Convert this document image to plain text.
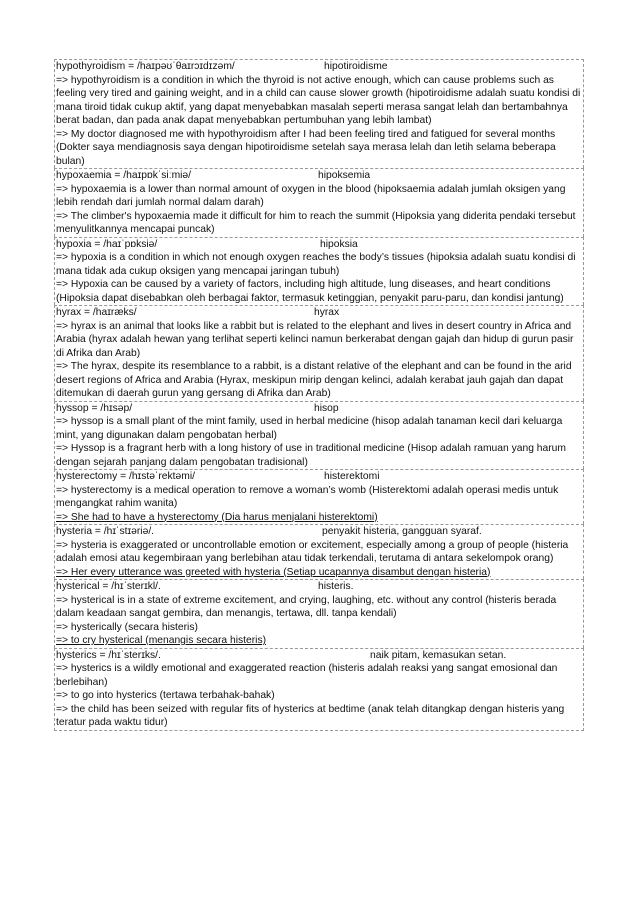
hypothyroidism = /haɪpəʊˈθaɪrɔɪdɪzəm/	hipotiroidisme
=> hypothyroidism is a condition in which the thyroid is not active enough, which can cause problems such as feeling very tired and gaining weight, and in a child can cause slower growth (hipotiroidisme adalah suatu kondisi di mana tiroid tidak cukup aktif, yang dapat menyebabkan masalah seperti merasa sangat lelah dan bertambahnya berat badan, dan pada anak dapat menyebabkan pertumbuhan yang lebih lambat)
=> My doctor diagnosed me with hypothyroidism after I had been feeling tired and fatigued for several months (Dokter saya mendiagnosis saya dengan hipotiroidisme setelah saya merasa lelah dan letih selama beberapa bulan)
hypoxaemia = /haɪpɒkˈsiːmiə/	hipoksemia
=> hypoxaemia is a lower than normal amount of oxygen in the blood (hipoksaemia adalah jumlah oksigen yang lebih rendah dari jumlah normal dalam darah)
=> The climber's hypoxaemia made it difficult for him to reach the summit (Hipoksia yang diderita pendaki tersebut menyulitkannya mencapai puncak)
hypoxia = /haɪˈpɒksiə/	hipoksia
=> hypoxia is a condition in which not enough oxygen reaches the body’s tissues (hipoksia adalah suatu kondisi di mana tidak ada cukup oksigen yang mencapai jaringan tubuh)
=> Hypoxia can be caused by a variety of factors, including high altitude, lung diseases, and heart conditions (Hipoksia dapat disebabkan oleh berbagai faktor, termasuk ketinggian, penyakit paru-paru, dan kondisi jantung)
hyrax = /haɪræks/	hyrax
=> hyrax is an animal that looks like a rabbit but is related to the elephant and lives in desert country in Africa and Arabia (hyrax adalah hewan yang terlihat seperti kelinci namun berkerabat dengan gajah dan hidup di gurun pasir di Afrika dan Arab)
=> The hyrax, despite its resemblance to a rabbit, is a distant relative of the elephant and can be found in the arid desert regions of Africa and Arabia (Hyrax, meskipun mirip dengan kelinci, adalah kerabat jauh gajah dan dapat ditemukan di daerah gurun yang gersang di Afrika dan Arab)
hyssop = /hɪsəp/	hisop
=> hyssop is a small plant of the mint family, used in herbal medicine (hisop adalah tanaman kecil dari keluarga mint, yang digunakan dalam pengobatan herbal)
=> Hyssop is a fragrant herb with a long history of use in traditional medicine (Hisop adalah ramuan yang harum dengan sejarah panjang dalam pengobatan tradisional)
hysterectomy = /hɪstəˈrektəmi/	histerektomi
=> hysterectomy is a medical operation to remove a woman’s womb (Histerektomi adalah operasi medis untuk mengangkat rahim wanita)
=> She had to have a hysterectomy (Dia harus menjalani histerektomi)
hysteria = /hɪˈstɪəriə/.	penyakit histeria, gangguan syaraf.
=> hysteria is exaggerated or uncontrollable emotion or excitement, especially among a group of people (histeria adalah emosi atau kegembiraan yang berlebihan atau tidak terkendali, terutama di antara sekelompok orang)
=> Her every utterance was greeted with hysteria (Setiap ucapannya disambut dengan histeria)
hysterical = /hɪˈsterɪkl/.	histeris.
=> hysterical is in a state of extreme excitement, and crying, laughing, etc. without any control (histeris berada dalam keadaan sangat gembira, dan menangis, tertawa, dll. tanpa kendali)
=> hysterically (secara histeris)
=> to cry hysterical (menangis secara histeris)
hysterics = /hɪˈsterɪks/.	naik pitam, kemasukan setan.
=> hysterics is a wildly emotional and exaggerated reaction (histeris adalah reaksi yang sangat emosional dan berlebihan)
=> to go into hysterics (tertawa terbahak-bahak)
=> the child has been seized with regular fits of hysterics at bedtime (anak telah ditangkap dengan histeris yang teratur pada waktu tidur)
